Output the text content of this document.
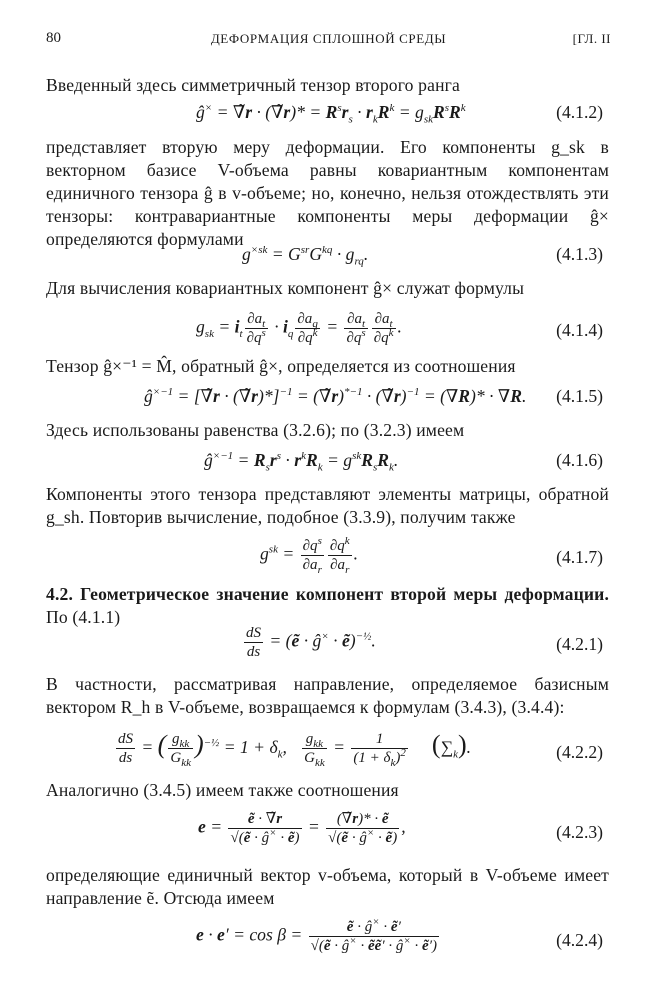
80	ДЕФОРМАЦИЯ СПЛОШНОЙ СРЕДЫ	[ГЛ. II
Введенный здесь симметричный тензор второго ранга
ĝ× = ∇̃r · (∇̃r)* = $R^sr_s \cdot r_kR^k = g_{sk}R^sR^k$	(4.1.2)
представляет вторую меру деформации. Его компоненты g_sk в векторном базисе V-объема равны ковариантным компонентам единичного тензора ĝ в v-объеме; но, конечно, нельзя отождествлять эти тензоры: контравариантные компоненты меры деформации ĝ× определяются формулами
$g^{\times sk} = G^{sr}G^{kq} \cdot g_{rq}$.	(4.1.3)
Для вычисления ковариантных компонент ĝ× служат формулы
$g_{sk} = i_t \frac{\partial a_t}{\partial q^s} \cdot i_q \frac{\partial a_q}{\partial q^k} = \frac{\partial a_t}{\partial q^s} \frac{\partial a_t}{\partial q^k}$ .	(4.1.4)
Тензор ĝ×⁻¹ = M̂, обратный ĝ×, определяется из соотношения
$ĝ^{\times-1}$ = [∇̃r · (∇̃r)*]$^{-1}$ = (∇̃r)$^{*-1}$ · (∇̃r)$^{-1}$ = (∇R)* · ∇R. (4.1.5)
Здесь использованы равенства (3.2.6); по (3.2.3) имеем
$ĝ^{\times-1} = R_sr^s \cdot r^kR_k = g^{sk}R_sR_k$.	(4.1.6)
Компоненты этого тензора представляют элементы матрицы, обратной g_sh. Повторив вычисление, подобное (3.3.9), получим также
$g^{sk} = \frac{\partial q^s}{\partial a_r} \frac{\partial q^k}{\partial a_r}$ .	(4.1.7)
4.2. Геометрическое значение компонент второй меры деформации. По (4.1.1)
$\frac{dS}{ds}$ = (ẽ · ĝ× · ẽ)$^{-\frac{1}{2}}$.	(4.2.1)
В частности, рассматривая направление, определяемое базисным вектором R_h в V-объеме, возвращаемся к формулам (3.4.3), (3.4.4):
$\frac{dS}{ds}$ = ( $\frac{g_{kk}}{G_{kk}} )^{-\frac{1}{2}} = 1 + \delta_k$, $\frac{g_{kk}}{G_{kk}} = \frac{1}{(1 + \delta_k)^2} (\sum_k)$.	(4.2.2)
Аналогично (3.4.5) имеем также соотношения
$e = \frac{\text{ẽ · ∇̃r}}{√(ẽ \cdot ĝ^\times \cdot ẽ)} = \frac{\text{(∇̃r)* · ẽ}}{√(ẽ \cdot ĝ^\times \cdot ẽ)}$ ,	(4.2.3)
определяющие единичный вектор v-объема, который в V-объеме имеет направление ẽ. Отсюда имеем
$e \cdot e' = \cos \beta = \frac{ẽ \cdot ĝ^\times \cdot ẽ'}{√(ẽ \cdot ĝ^\times \cdot ẽẽ' \cdot ĝ^\times \cdot ẽ')}$	(4.2.4)
